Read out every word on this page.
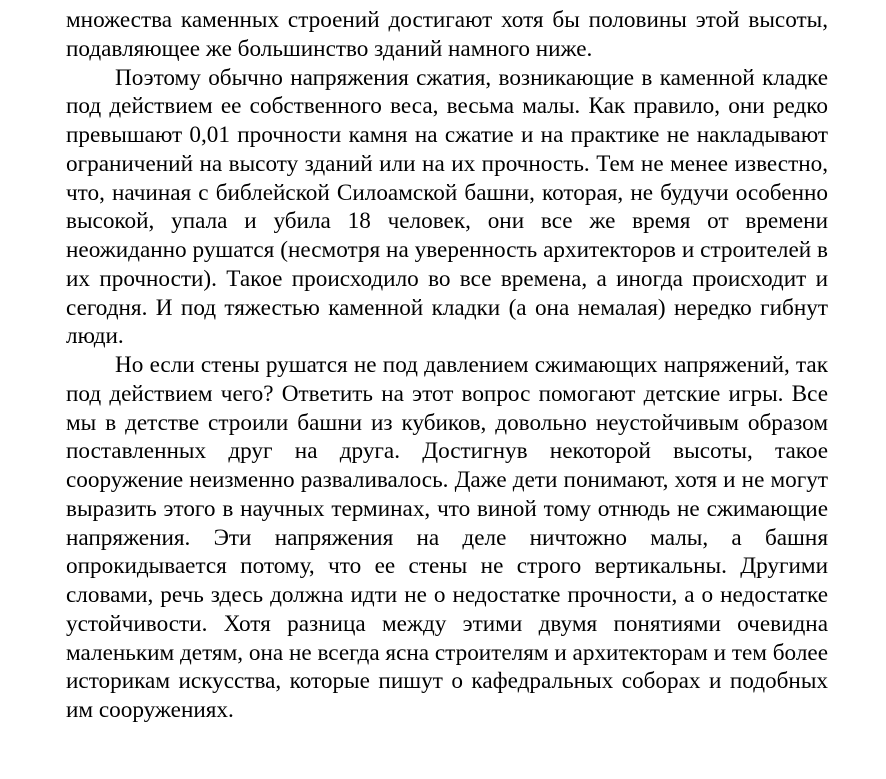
множества каменных строений достигают хотя бы половины этой высоты, подавляющее же большинство зданий намного ниже.

Поэтому обычно напряжения сжатия, возникающие в каменной кладке под действием ее собственного веса, весьма малы. Как правило, они редко превышают 0,01 прочности камня на сжатие и на практике не накладывают ограничений на высоту зданий или на их прочность. Тем не менее известно, что, начиная с библейской Силоамской башни, которая, не будучи особенно высокой, упала и убила 18 человек, они все же время от времени неожиданно рушатся (несмотря на уверенность архитекторов и строителей в их прочности). Такое происходило во все времена, а иногда происходит и сегодня. И под тяжестью каменной кладки (а она немалая) нередко гибнут люди.

Но если стены рушатся не под давлением сжимающих напряжений, так под действием чего? Ответить на этот вопрос помогают детские игры. Все мы в детстве строили башни из кубиков, довольно неустойчивым образом поставленных друг на друга. Достигнув некоторой высоты, такое сооружение неизменно разваливалось. Даже дети понимают, хотя и не могут выразить этого в научных терминах, что виной тому отнюдь не сжимающие напряжения. Эти напряжения на деле ничтожно малы, а башня опрокидывается потому, что ее стены не строго вертикальны. Другими словами, речь здесь должна идти не о недостатке прочности, а о недостатке устойчивости. Хотя разница между этими двумя понятиями очевидна маленьким детям, она не всегда ясна строителям и архитекторам и тем более историкам искусства, которые пишут о кафедральных соборах и подобных им сооружениях.
